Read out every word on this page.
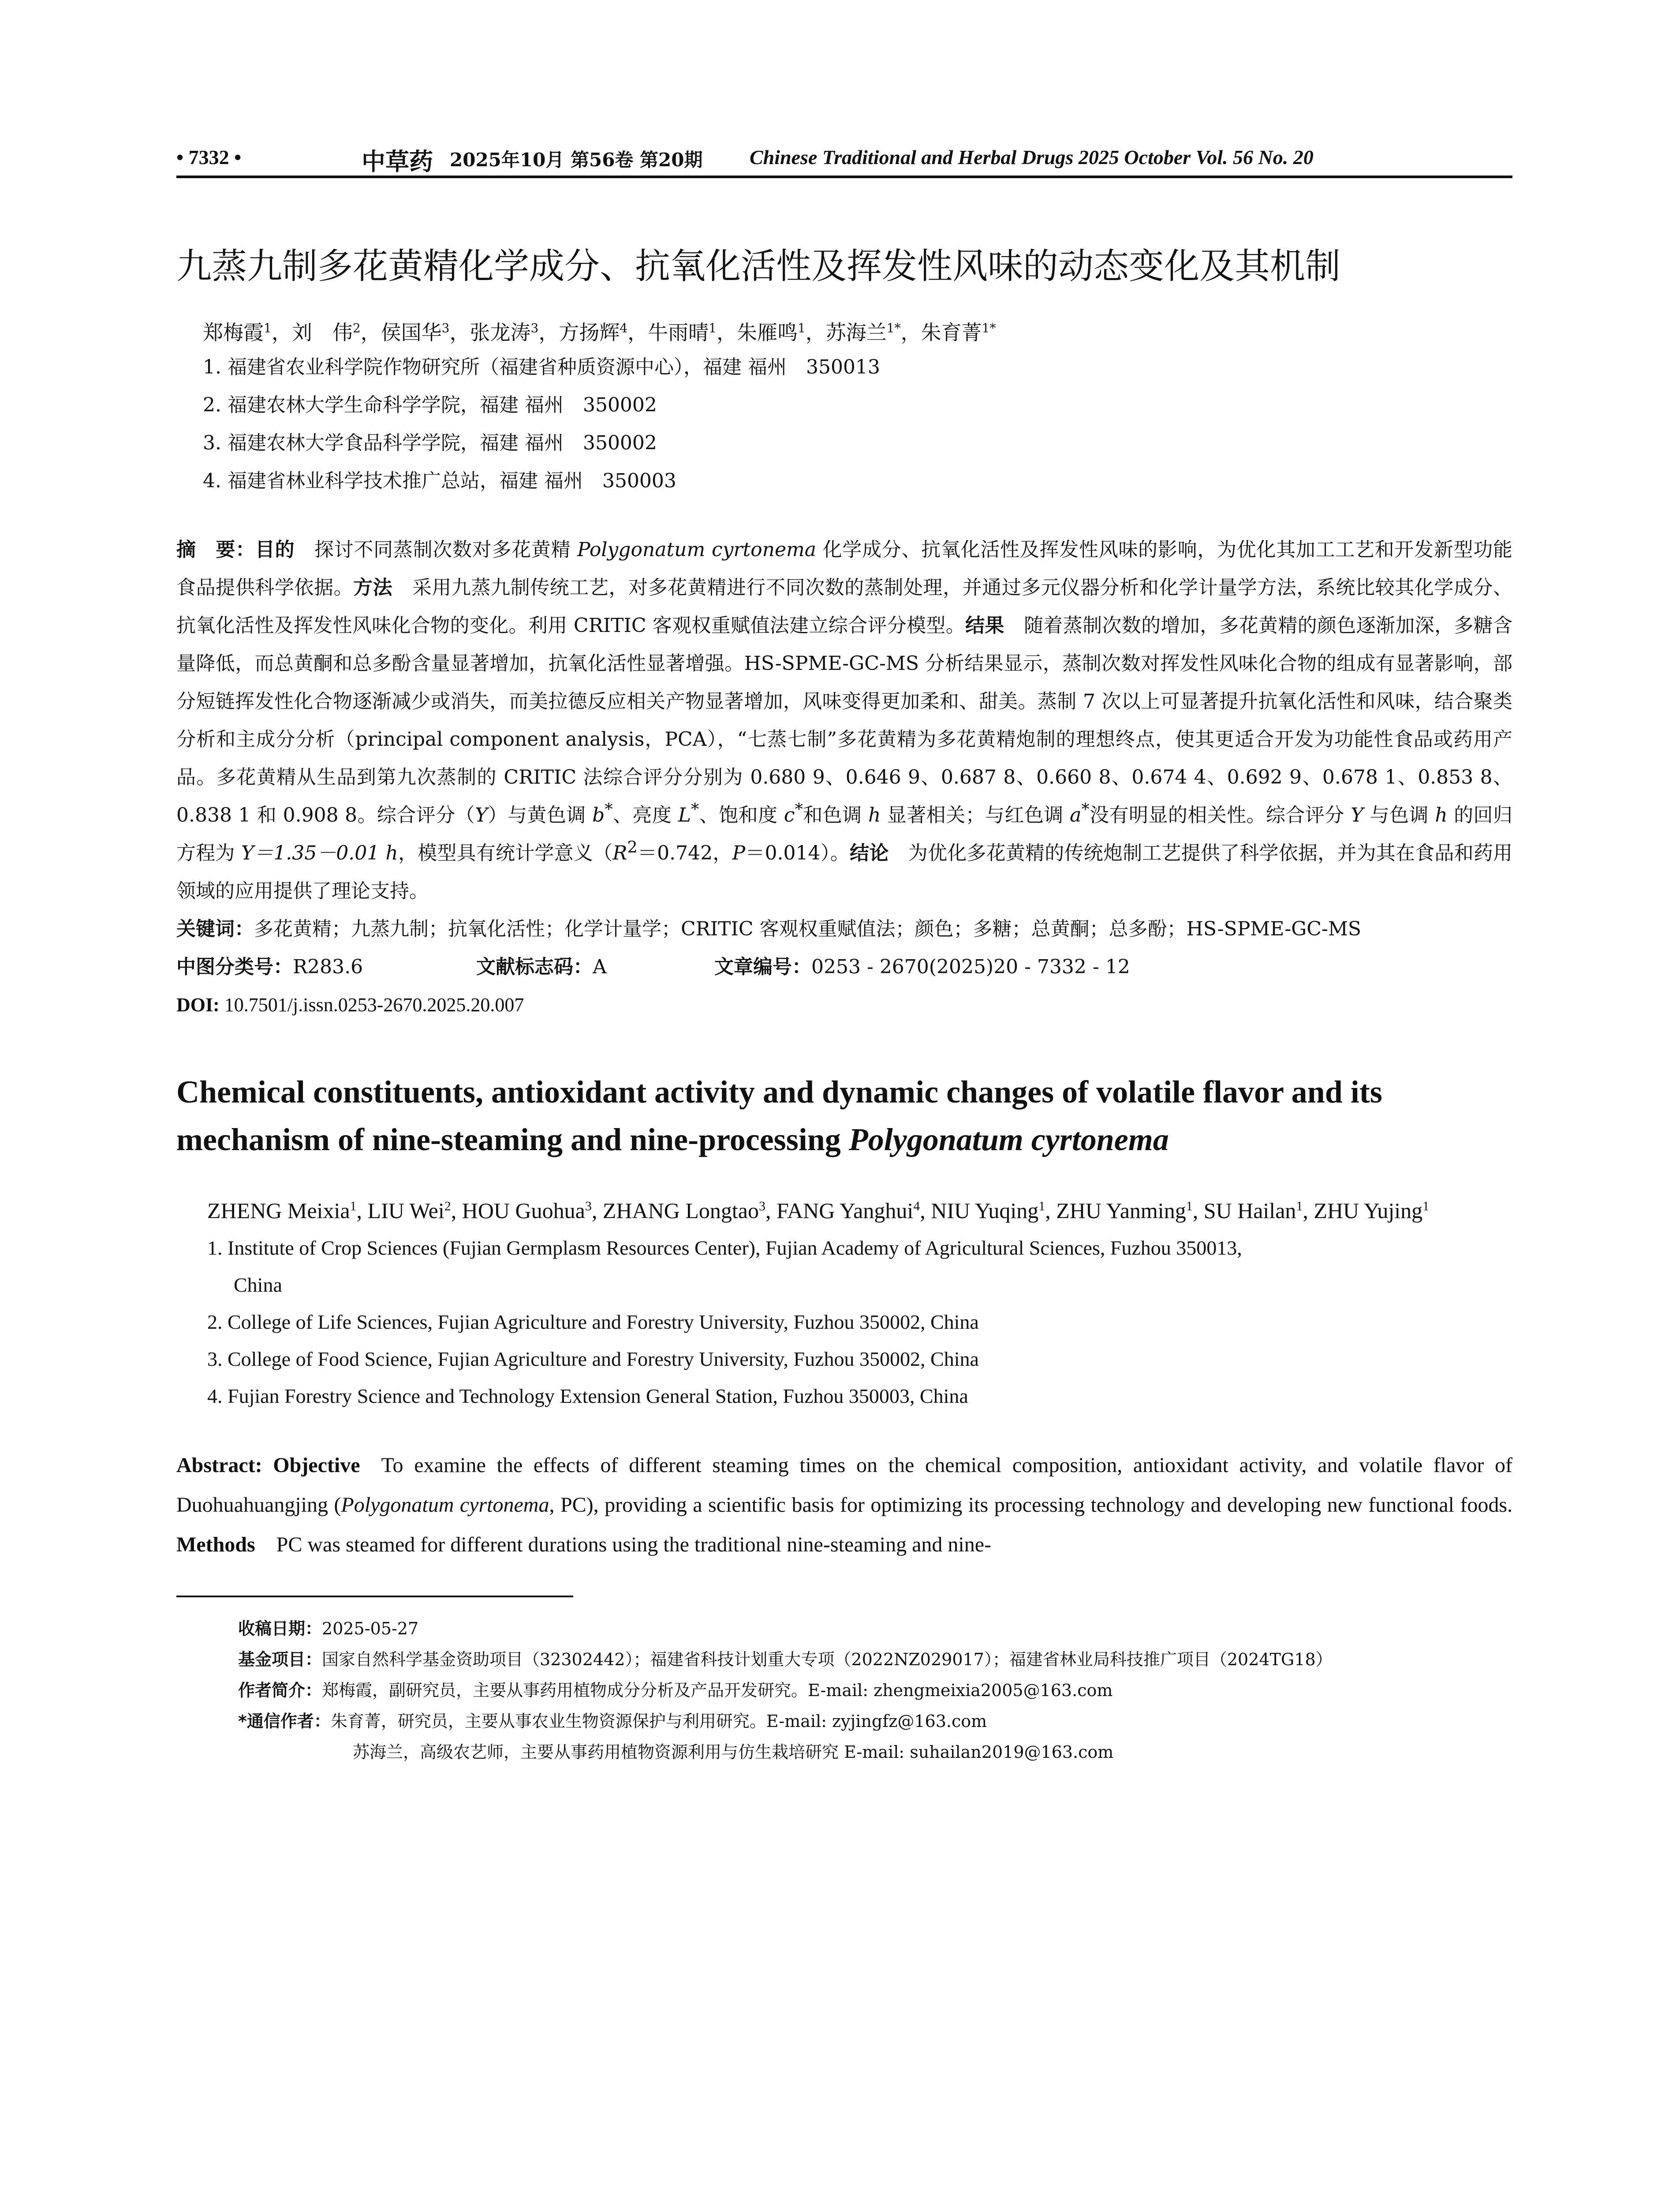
• 7332 •	中草药 2025年10月 第56卷 第20期 Chinese Traditional and Herbal Drugs 2025 October Vol. 56 No. 20
九蒸九制多花黄精化学成分、抗氧化活性及挥发性风味的动态变化及其机制
郑梅霞$^1$，刘　伟$^2$，侯国华$^3$，张龙涛$^3$，方扬辉$^4$，牛雨晴$^1$，朱雁鸣$^1$，苏海兰$^{1*}$，朱育菁$^{1*}$
1. 福建省农业科学院作物研究所（福建省种质资源中心），福建 福州　350013
2. 福建农林大学生命科学学院，福建 福州　350002
3. 福建农林大学食品科学学院，福建 福州　350002
4. 福建省林业科学技术推广总站，福建 福州　350003
摘　要：目的  探讨不同蒸制次数对多花黄精 Polygonatum cyrtonema 化学成分、抗氧化活性及挥发性风味的影响，为优化其加工工艺和开发新型功能食品提供科学依据。方法  采用九蒸九制传统工艺，对多花黄精进行不同次数的蒸制处理，并通过多元仪器分析和化学计量学方法，系统比较其化学成分、抗氧化活性及挥发性风味化合物的变化。利用 CRITIC 客观权重赋值法建立综合评分模型。结果  随着蒸制次数的增加，多花黄精的颜色逐渐加深，多糖含量降低，而总黄酮和总多酚含量显著增加，抗氧化活性显著增强。HS-SPME-GC-MS 分析结果显示，蒸制次数对挥发性风味化合物的组成有显著影响，部分短链挥发性化合物逐渐减少或消失，而美拉德反应相关产物显著增加，风味变得更加柔和、甜美。蒸制 7 次以上可显著提升抗氧化活性和风味，结合聚类分析和主成分分析（principal component analysis，PCA），“七蒸七制”多花黄精为多花黄精炮制的理想终点，使其更适合开发为功能性食品或药用产品。多花黄精从生品到第九次蒸制的 CRITIC 法综合评分分别为 0.680 9、0.646 9、0.687 8、0.660 8、0.674 4、0.692 9、0.678 1、0.853 8、0.838 1 和 0.908 8。综合评分（Y）与黄色调 b*、亮度 L*、饱和度 c*和色调 h 显著相关；与红色调 a*没有明显的相关性。综合评分 Y 与色调 h 的回归方程为 Y＝1.35－0.01 h，模型具有统计学意义（$R^2=0.742$，P＝0.014）。结论  为优化多花黄精的传统炮制工艺提供了科学依据，并为其在食品和药用领域的应用提供了理论支持。
关键词：多花黄精；九蒸九制；抗氧化活性；化学计量学；CRITIC 客观权重赋值法；颜色；多糖；总黄酮；总多酚；HS-SPME-GC-MS
中图分类号：R283.6	文献标志码：A	文章编号：0253 - 2670(2025)20 - 7332 - 12
DOI: 10.7501/j.issn.0253-2670.2025.20.007
Chemical constituents, antioxidant activity and dynamic changes of volatile flavor and its mechanism of nine-steaming and nine-processing Polygonatum cyrtonema
ZHENG Meixia$^1$, LIU Wei$^2$, HOU Guohua$^3$, ZHANG Longtao$^3$, FANG Yanghui$^4$, NIU Yuqing$^1$, ZHU Yanming$^1$, SU Hailan$^1$, ZHU Yujing$^1$
1. Institute of Crop Sciences (Fujian Germplasm Resources Center), Fujian Academy of Agricultural Sciences, Fuzhou 350013,
China
2. College of Life Sciences, Fujian Agriculture and Forestry University, Fuzhou 350002, China
3. College of Food Science, Fujian Agriculture and Forestry University, Fuzhou 350002, China
4. Fujian Forestry Science and Technology Extension General Station, Fuzhou 350003, China
Abstract: Objective   To examine the effects of different steaming times on the chemical composition, antioxidant activity, and volatile flavor of Duohuahuangjing (Polygonatum cyrtonema, PC), providing a scientific basis for optimizing its processing technology and developing new functional foods. Methods   PC was steamed for different durations using the traditional nine-steaming and nine-
收稿日期：2025-05-27
基金项目：国家自然科学基金资助项目（32302442）；福建省科技计划重大专项（2022NZ029017）；福建省林业局科技推广项目（2024TG18）
作者简介：郑梅霞，副研究员，主要从事药用植物成分分析及产品开发研究。E-mail: zhengmeixia2005@163.com
*通信作者：朱育菁，研究员，主要从事农业生物资源保护与利用研究。E-mail: zyjingfz@163.com
苏海兰，高级农艺师，主要从事药用植物资源利用与仿生栽培研究 E-mail: suhailan2019@163.com
